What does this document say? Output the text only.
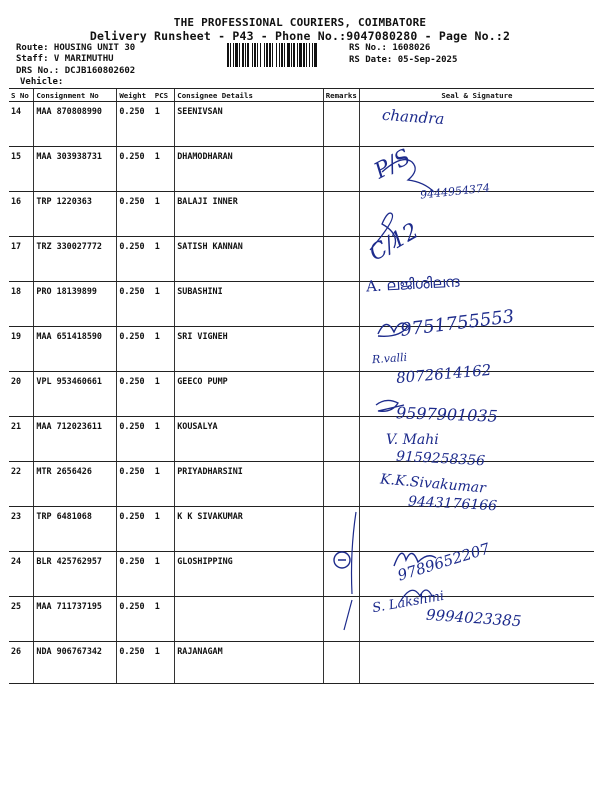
THE PROFESSIONAL COURIERS, COIMBATORE
Delivery Runsheet - P43 - Phone No.:9047080280 - Page No.:2
Route: HOUSING UNIT 30
Staff: V MARIMUTHU
DRS No.: DCJB160802602
Vehicle:
RS No.: 1608026
RS Date: 05-Sep-2025
S No	Consignment No	Weight	PCS	Consignee Details	Remarks	Seal & Signature
14	MAA 870808990	0.250	1	SEENIVSAN		
15	MAA 303938731	0.250	1	DHAMODHARAN		
16	TRP 1220363	0.250	1	BALAJI INNER		
17	TRZ 330027772	0.250	1	SATISH KANNAN		
18	PRO 18139899	0.250	1	SUBASHINI		
19	MAA 651418590	0.250	1	SRI VIGNEH		
20	VPL 953460661	0.250	1	GEECO PUMP		
21	MAA 712023611	0.250	1	KOUSALYA		
22	MTR 2656426	0.250	1	PRIYADHARSINI		
23	TRP 6481068	0.250	1	K K SIVAKUMAR		
24	BLR 425762957	0.250	1	GLOSHIPPING		
25	MAA 711737195	0.250	1			
26	NDA 906767342	0.250	1	RAJANAGAM		
chandra
P/S
9444954374
C/12
A. ലജിശിലന്ദ
R.valli
9751755553
8072614162
9597901035
V. Mahi
9159258356
K.K.Sivakumar
9443176166
9789652207
S. Lakshmi
9994023385
